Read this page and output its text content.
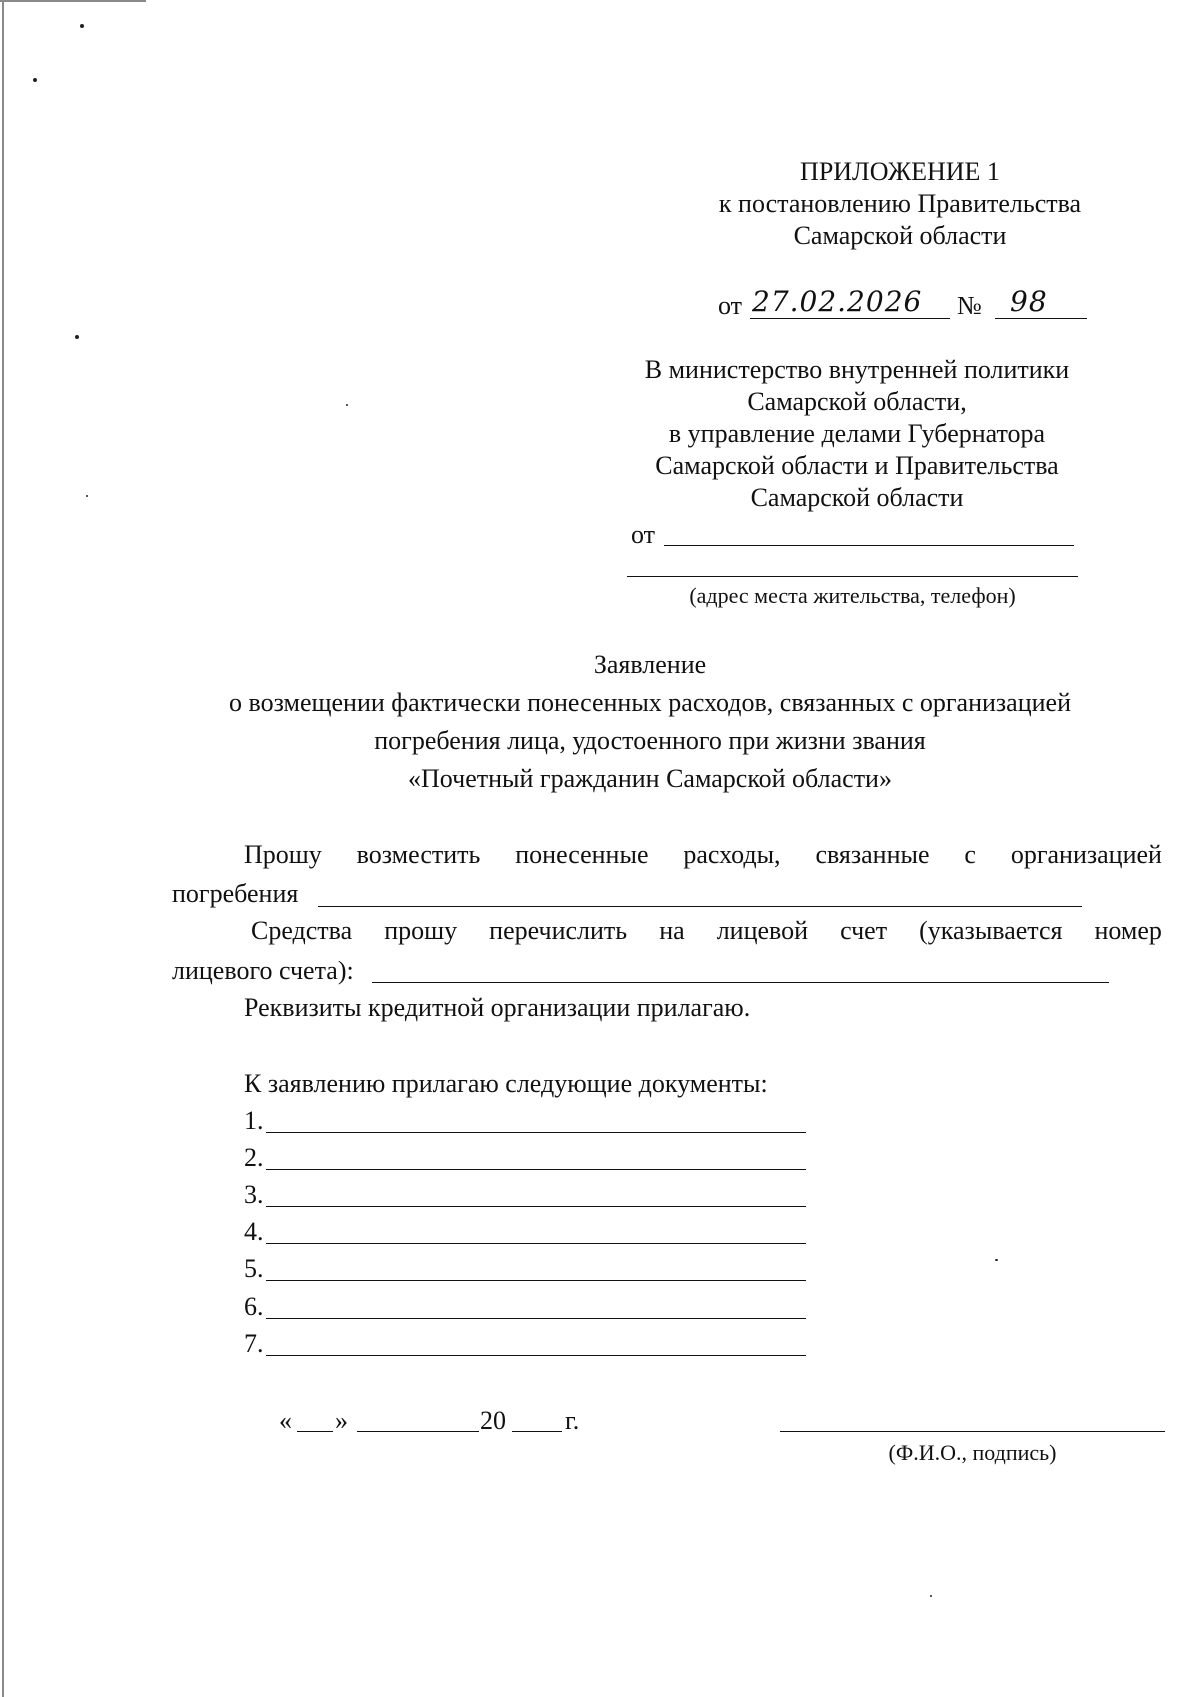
ПРИЛОЖЕНИЕ 1
к постановлению Правительства
Самарской области
от 27.02.2026 № 98
В министерство внутренней политики
Самарской области,
в управление делами Губернатора
Самарской области и Правительства
Самарской области
от
(адрес места жительства, телефон)
Заявление
о возмещении фактически понесенных расходов, связанных с организацией
погребения лица, удостоенного при жизни звания
«Почетный гражданин Самарской области»
Прошу возместить понесенные расходы, связанные с организацией
погребения
Средства прошу перечислить на лицевой счет (указывается номер
лицевого счета):
Реквизиты кредитной организации прилагаю.
К заявлению прилагаю следующие документы:
1.
2.
3.
4.
5.
6.
7.
« »	20 г.
(Ф.И.О., подпись)
